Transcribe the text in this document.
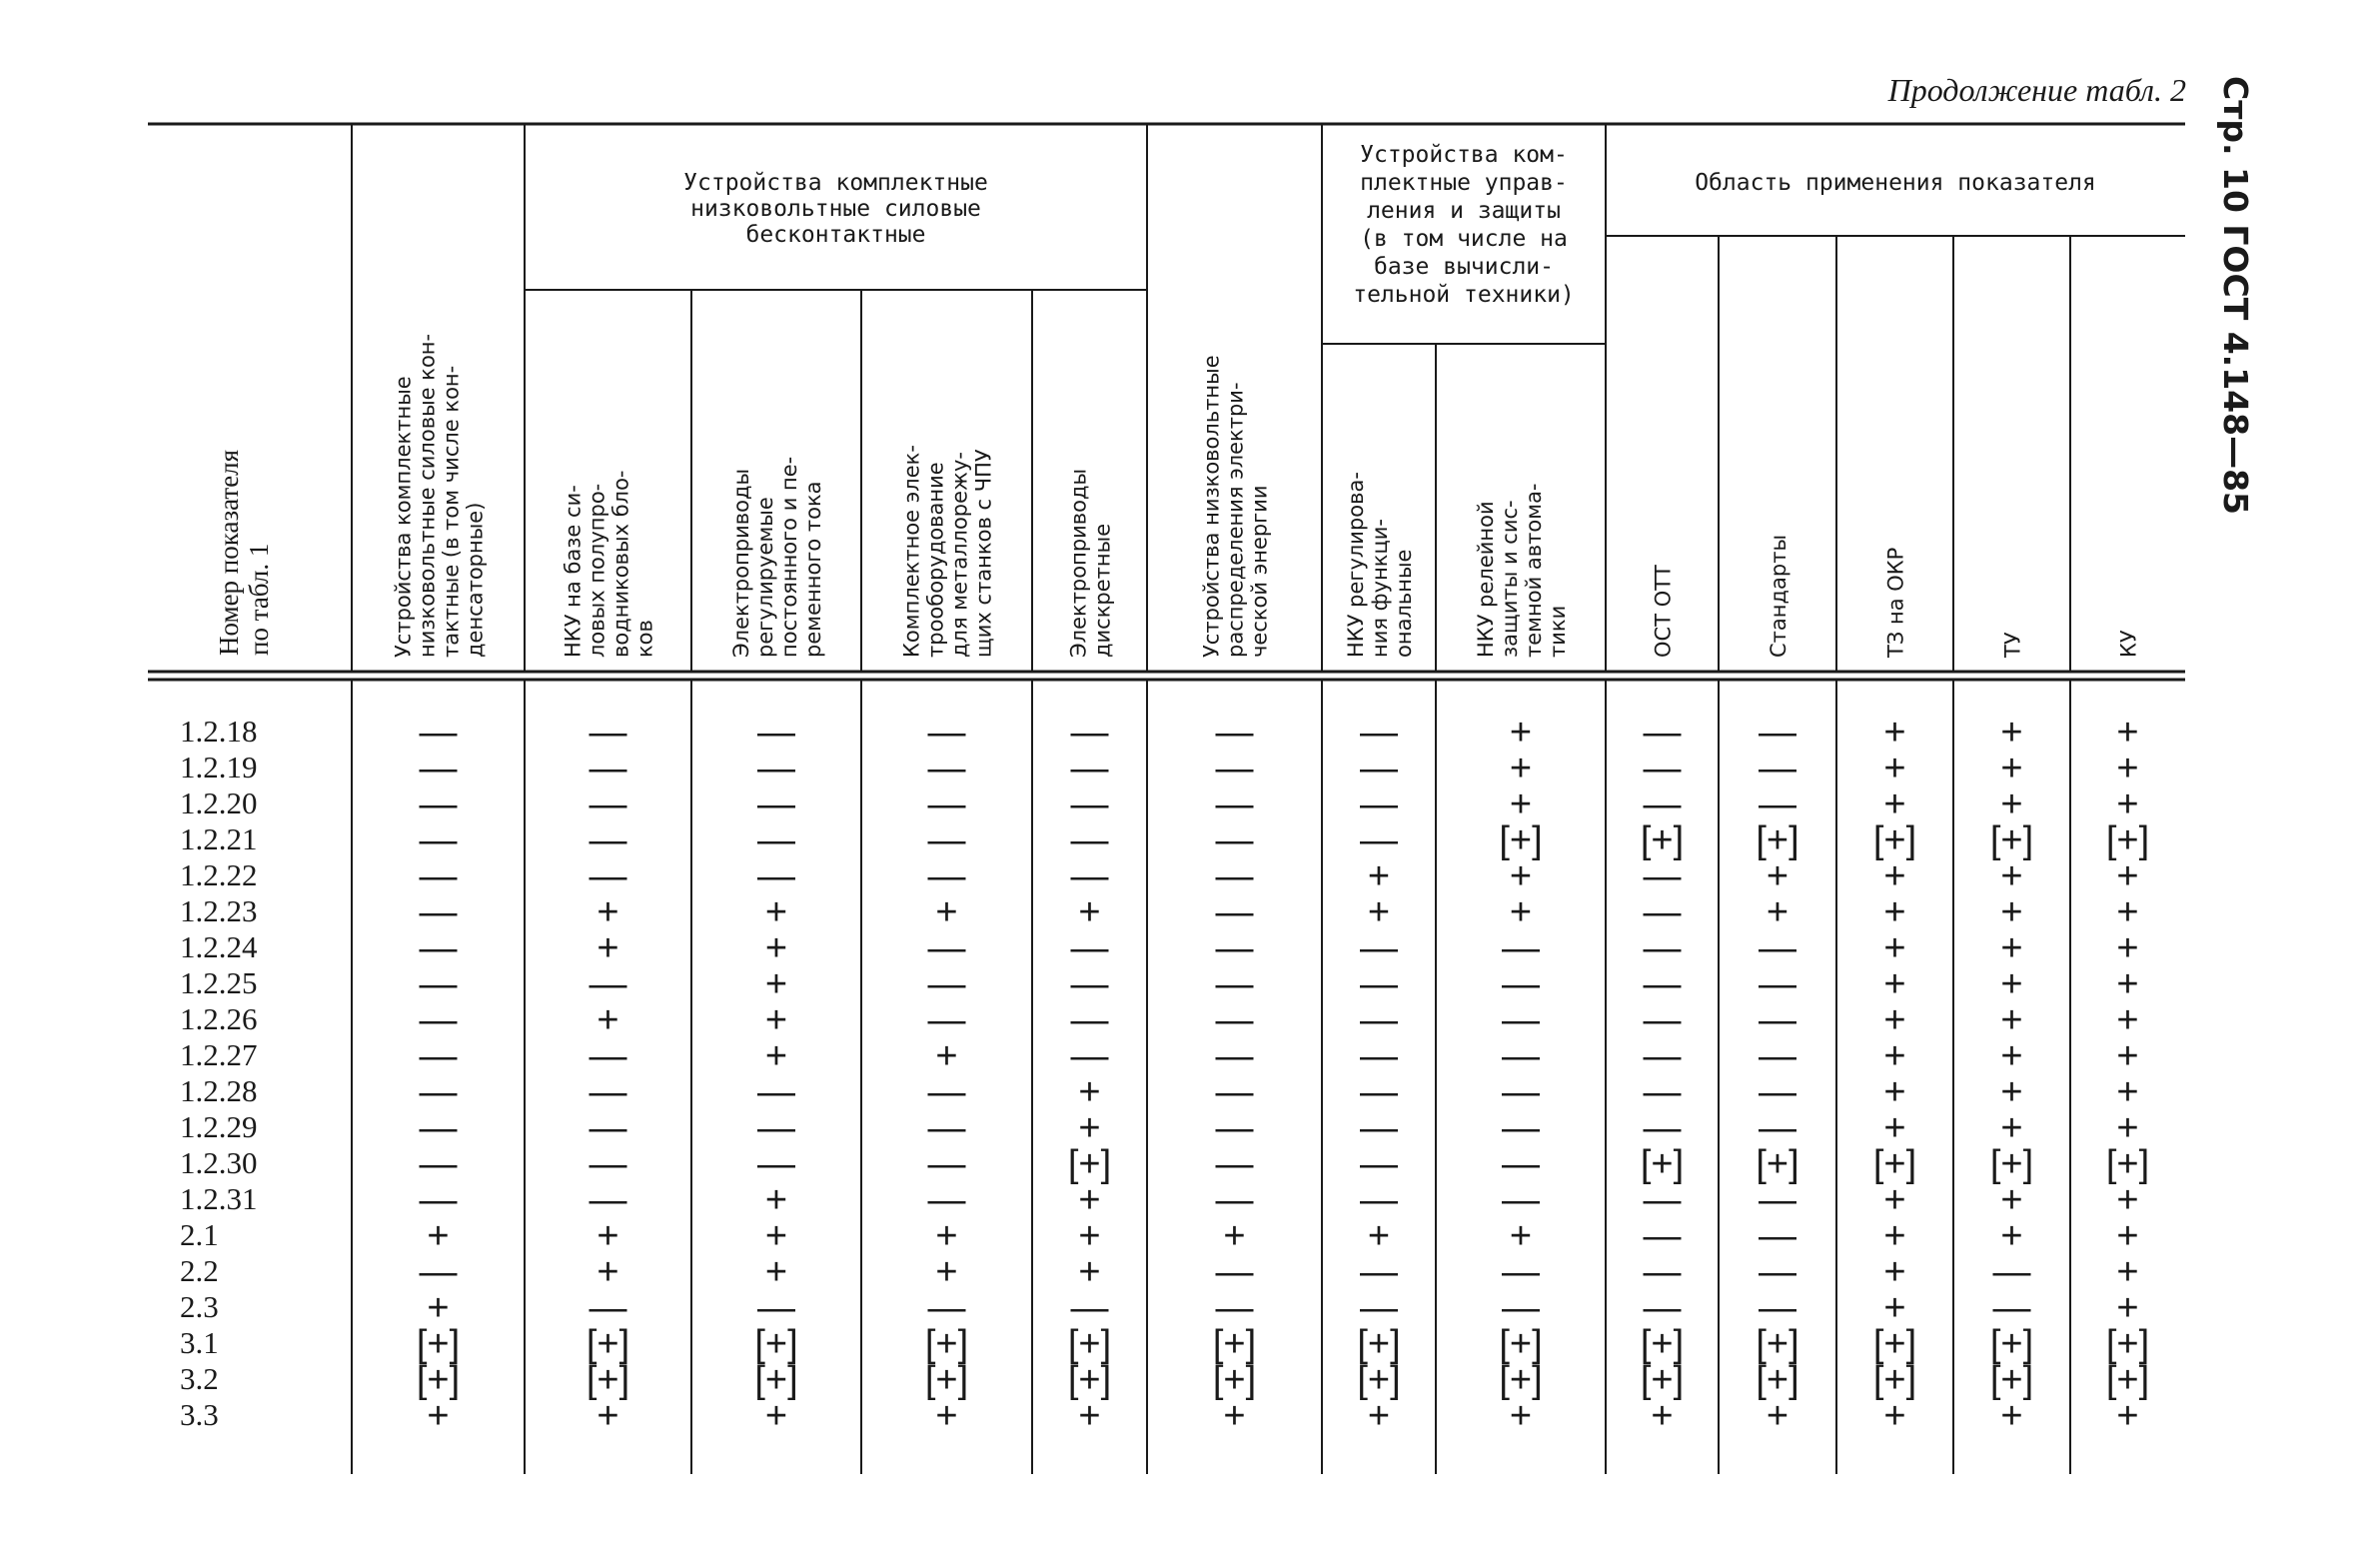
Продолжение табл. 2 Стр. 10 ГОСТ 4.148—85
Устройства комплектные низковольтные силовые бесконтактные
Устройства ком-плектные управ-ления и защиты (в том числе на базе вычисли-тельной техники)
Область применения показателя
Номер показателяпо табл. 1	Устройства комплектныенизковольтные силовые кон-тактные (в том числе кон-денсаторные)	НКУ на базе си-ловых полупро-водниковых бло-ков	Электроприводырегулируемыепостоянного и пе-ременного тока	Комплектное элек-трооборудованиедля металлорежу-щих станков с ЧПУ	Электроприводыдискретные	Устройства низковольтныераспределения электри-ческой энергии	НКУ регулирова-ния функци-ональные	НКУ релейнойзащиты и сис-темной автома-тики	ОСТ ОТТ	Стандарты	ТЗ на ОКР	ТУ	КУ
1.2.18	—	—	—	—	—	—	—	+	— — + + +
1.2.19	—	—	—	—	—	—	—	+	— — + + +
1.2.20	—	—	—	—	—	—	—	+	— — + + +
1.2.21	—	—	—	—	—	—	—	[+]	[+] [+] [+] [+] [+]
1.2.22	—	—	—	—	—	—	+	+	— +	+ + +
1.2.23	—	+	+	+	+	—	+	+	— +	+ + +
1.2.24	—	+	+	—	—	—	—	—	— — + + +
1.2.25	—	—	+	—	—	—	—	—	— — + + +
1.2.26	—	+	+	—	—	—	—	—	— — + + +
1.2.27	—	—	+	+	—	—	—	—	— — + + +
1.2.28	—	—	—	—	+	—	—	—	— — + + +
1.2.29	—	—	—	—	+	—	—	—	— — + + +
1.2.30	—	—	—	—	[+]	—	—	—	[+] [+] [+] [+] [+]
1.2.31	—	—	+	—	+	—	—	—	— — + + +
2.1	+	+	+	+	+	+	+	+	— — + + +
2.2	—	+	+	+	+	—	—	—	— — + — +
2.3	+	—	—	—	—	—	—	—	— — + — +
3.1	[+]	[+]	[+]	[+]	[+]	[+]	[+]	[+]	[+] [+] [+] [+] [+]
3.2	[+]	[+]	[+]	[+]	[+]	[+]	[+]	[+]	[+] [+] [+] [+] [+]
3.3	+	+	+	+	+	+	+	+	+ +	+ + +
